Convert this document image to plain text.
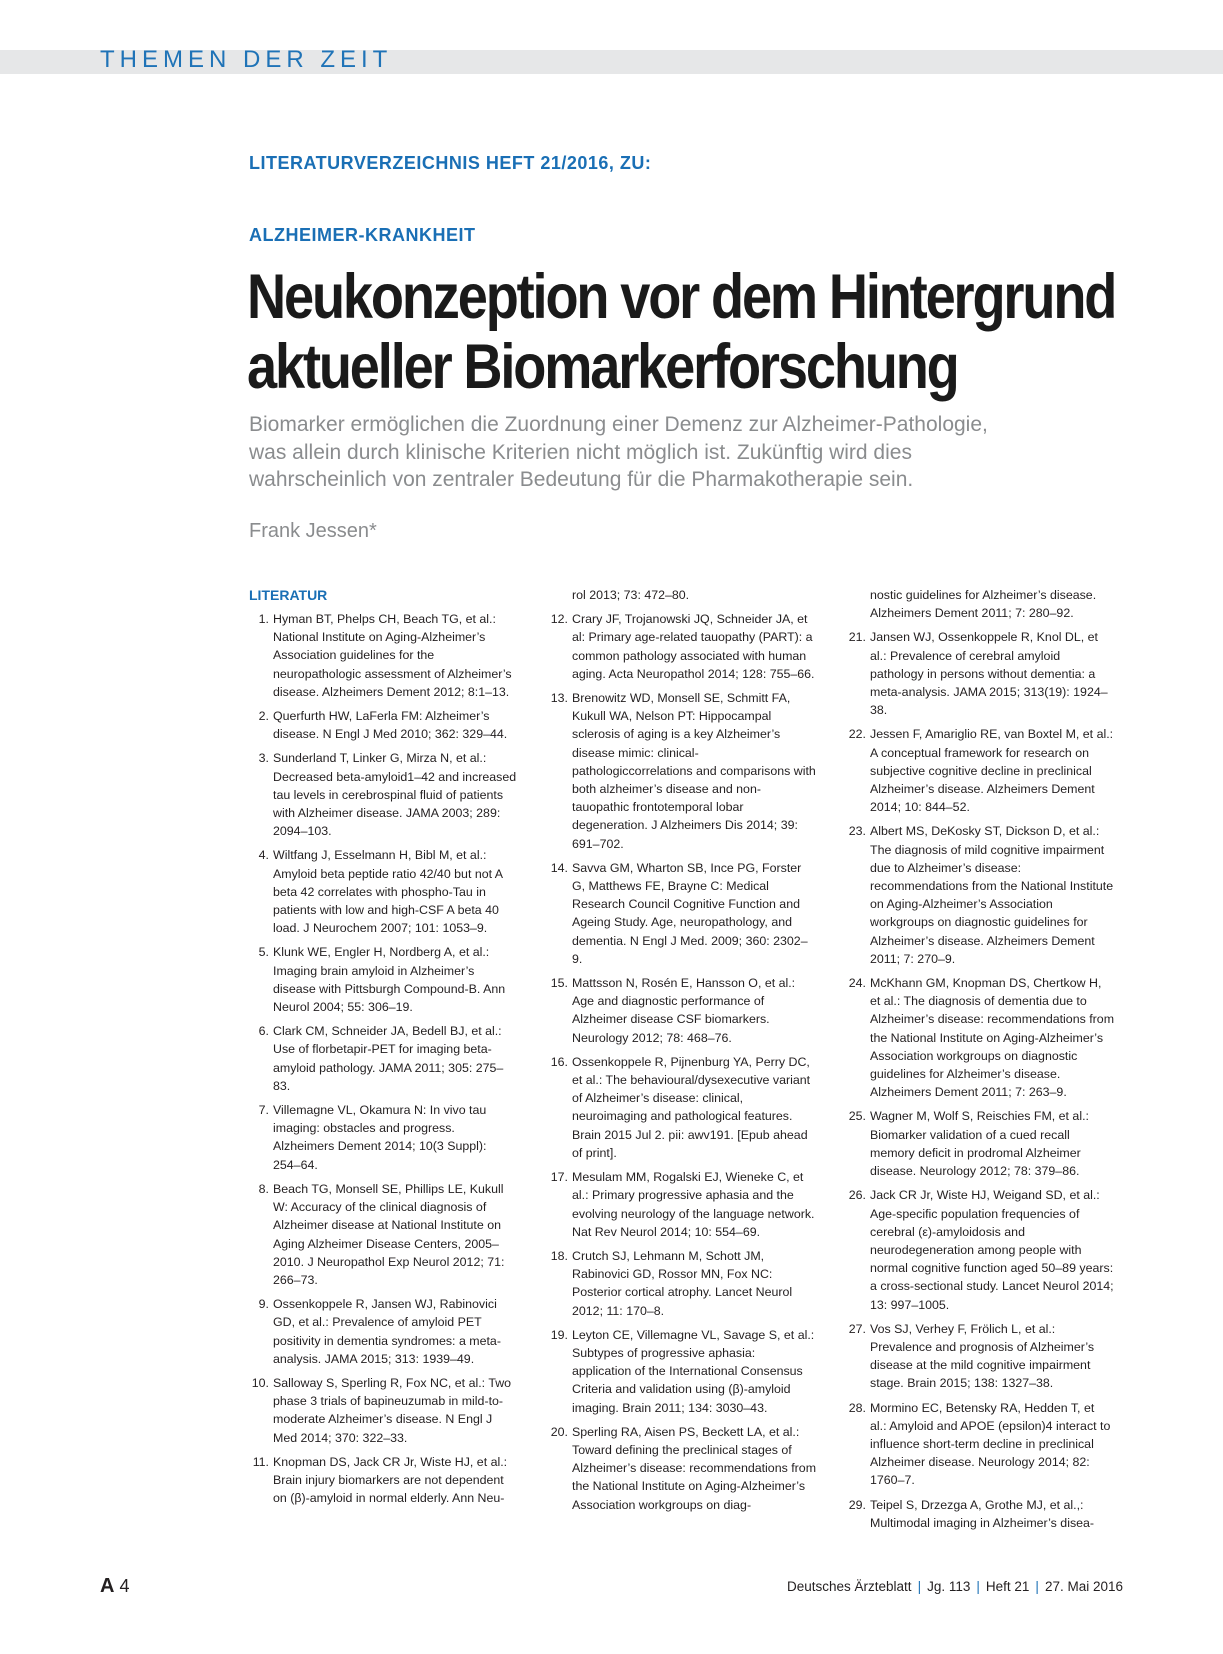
THEMEN DER ZEIT
LITERATURVERZEICHNIS HEFT 21/2016, ZU:
ALZHEIMER-KRANKHEIT
Neukonzeption vor dem Hintergrund
aktueller Biomarkerforschung
Biomarker ermöglichen die Zuordnung einer Demenz zur Alzheimer-Pathologie,
was allein durch klinische Kriterien nicht möglich ist. Zukünftig wird dies
wahrscheinlich von zentraler Bedeutung für die Pharmakotherapie sein.
Frank Jessen*
LITERATUR
1. Hyman BT, Phelps CH, Beach TG, et al.: National Institute on Aging-Alzheimer’s Association guidelines for the neuropathologic assessment of Alzheimer’s disease. Alzheimers Dement 2012; 8:1–13.
2. Querfurth HW, LaFerla FM: Alzheimer’s disease. N Engl J Med 2010; 362: 329–44.
3. Sunderland T, Linker G, Mirza N, et al.: Decreased beta-amyloid1–42 and increased tau levels in cerebrospinal fluid of patients with Alzheimer disease. JAMA 2003; 289: 2094–103.
4. Wiltfang J, Esselmann H, Bibl M, et al.: Amyloid beta peptide ratio 42/40 but not A beta 42 correlates with phospho-Tau in patients with low and high-CSF A beta 40 load. J Neurochem 2007; 101: 1053–9.
5. Klunk WE, Engler H, Nordberg A, et al.: Imaging brain amyloid in Alzheimer’s disease with Pittsburgh Compound-B. Ann Neurol 2004; 55: 306–19.
6. Clark CM, Schneider JA, Bedell BJ, et al.: Use of florbetapir-PET for imaging beta-amyloid pathology. JAMA 2011; 305: 275–83.
7. Villemagne VL, Okamura N: In vivo tau imaging: obstacles and progress. Alzheimers Dement 2014; 10(3 Suppl): 254–64.
8. Beach TG, Monsell SE, Phillips LE, Kukull W: Accuracy of the clinical diagnosis of Alzheimer disease at National Institute on Aging Alzheimer Disease Centers, 2005–2010. J Neuropathol Exp Neurol 2012; 71: 266–73.
9. Ossenkoppele R, Jansen WJ, Rabinovici GD, et al.: Prevalence of amyloid PET positivity in dementia syndromes: a meta-analysis. JAMA 2015; 313: 1939–49.
10. Salloway S, Sperling R, Fox NC, et al.: Two phase 3 trials of bapineuzumab in mild-to-moderate Alzheimer’s disease. N Engl J Med 2014; 370: 322–33.
11. Knopman DS, Jack CR Jr, Wiste HJ, et al.: Brain injury biomarkers are not dependent on (β)-amyloid in normal elderly. Ann Neu-
rol 2013; 73: 472–80.
12. Crary JF, Trojanowski JQ, Schneider JA, et al: Primary age-related tauopathy (PART): a common pathology associated with human aging. Acta Neuropathol 2014; 128: 755–66.
13. Brenowitz WD, Monsell SE, Schmitt FA, Kukull WA, Nelson PT: Hippocampal sclerosis of aging is a key Alzheimer’s disease mimic: clinical-pathologiccorrelations and comparisons with both alzheimer’s disease and non-tauopathic frontotemporal lobar degeneration. J Alzheimers Dis 2014; 39: 691–702.
14. Savva GM, Wharton SB, Ince PG, Forster G, Matthews FE, Brayne C: Medical Research Council Cognitive Function and Ageing Study. Age, neuropathology, and dementia. N Engl J Med. 2009; 360: 2302–9.
15. Mattsson N, Rosén E, Hansson O, et al.: Age and diagnostic performance of Alzheimer disease CSF biomarkers. Neurology 2012; 78: 468–76.
16. Ossenkoppele R, Pijnenburg YA, Perry DC, et al.: The behavioural/dysexecutive variant of Alzheimer’s disease: clinical, neuroimaging and pathological features. Brain 2015 Jul 2. pii: awv191. [Epub ahead of print].
17. Mesulam MM, Rogalski EJ, Wieneke C, et al.: Primary progressive aphasia and the evolving neurology of the language network. Nat Rev Neurol 2014; 10: 554–69.
18. Crutch SJ, Lehmann M, Schott JM, Rabinovici GD, Rossor MN, Fox NC: Posterior cortical atrophy. Lancet Neurol 2012; 11: 170–8.
19. Leyton CE, Villemagne VL, Savage S, et al.: Subtypes of progressive aphasia: application of the International Consensus Criteria and validation using (β)-amyloid imaging. Brain 2011; 134: 3030–43.
20. Sperling RA, Aisen PS, Beckett LA, et al.: Toward defining the preclinical stages of Alzheimer’s disease: recommendations from the National Institute on Aging-Alzheimer’s Association workgroups on diag-
nostic guidelines for Alzheimer’s disease. Alzheimers Dement 2011; 7: 280–92.
21. Jansen WJ, Ossenkoppele R, Knol DL, et al.: Prevalence of cerebral amyloid pathology in persons without dementia: a meta-analysis. JAMA 2015; 313(19): 1924–38.
22. Jessen F, Amariglio RE, van Boxtel M, et al.: A conceptual framework for research on subjective cognitive decline in preclinical Alzheimer’s disease. Alzheimers Dement 2014; 10: 844–52.
23. Albert MS, DeKosky ST, Dickson D, et al.: The diagnosis of mild cognitive impairment due to Alzheimer’s disease: recommendations from the National Institute on Aging-Alzheimer’s Association workgroups on diagnostic guidelines for Alzheimer’s disease. Alzheimers Dement 2011; 7: 270–9.
24. McKhann GM, Knopman DS, Chertkow H, et al.: The diagnosis of dementia due to Alzheimer’s disease: recommendations from the National Institute on Aging-Alzheimer’s Association workgroups on diagnostic guidelines for Alzheimer’s disease. Alzheimers Dement 2011; 7: 263–9.
25. Wagner M, Wolf S, Reischies FM, et al.: Biomarker validation of a cued recall memory deficit in prodromal Alzheimer disease. Neurology 2012; 78: 379–86.
26. Jack CR Jr, Wiste HJ, Weigand SD, et al.: Age-specific population frequencies of cerebral (ε)-amyloidosis and neurodegeneration among people with normal cognitive function aged 50–89 years: a cross-sectional study. Lancet Neurol 2014; 13: 997–1005.
27. Vos SJ, Verhey F, Frölich L, et al.: Prevalence and prognosis of Alzheimer’s disease at the mild cognitive impairment stage. Brain 2015; 138: 1327–38.
28. Mormino EC, Betensky RA, Hedden T, et al.: Amyloid and APOE (epsilon)4 interact to influence short-term decline in preclinical Alzheimer disease. Neurology 2014; 82: 1760–7.
29. Teipel S, Drzezga A, Grothe MJ, et al.,: Multimodal imaging in Alzheimer’s disea-
A 4	Deutsches Ärzteblatt | Jg. 113 | Heft 21 | 27. Mai 2016
